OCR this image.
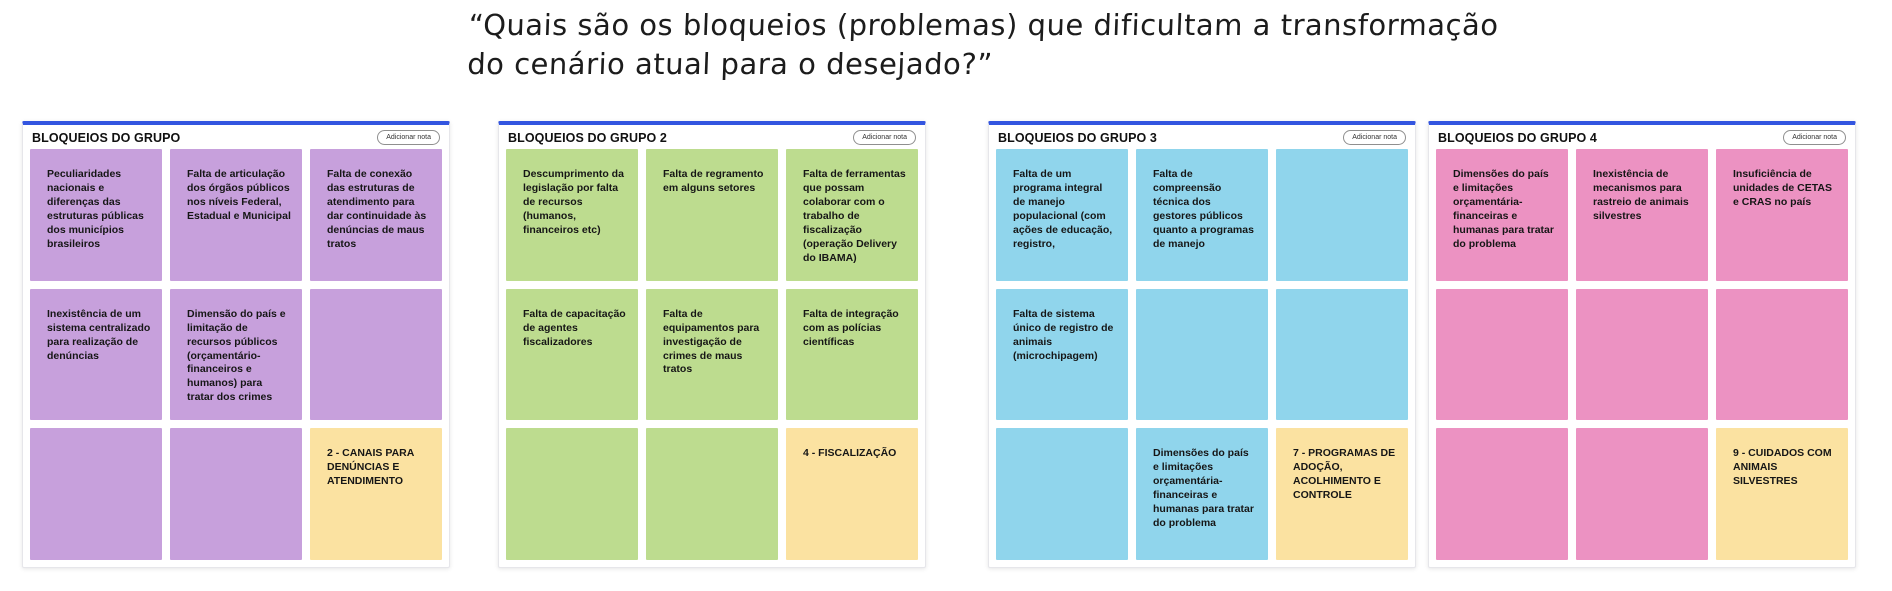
“Quais são os bloqueios (problemas) que dificultam a transformação
do cenário atual para o desejado?”
BLOQUEIOS DO GRUPO	Adicionar nota
Peculiaridades nacionais e diferenças das estruturas públicas dos municípios brasileiros
Falta de articulação dos órgãos públicos nos níveis Federal, Estadual e Municipal
Falta de conexão das estruturas de atendimento para dar continuidade às denúncias de maus tratos
Inexistência de um sistema centralizado para realização de denúncias
Dimensão do país e limitação de recursos públicos (orçamentário-financeiros e humanos) para tratar dos crimes
2 - CANAIS PARA DENÚNCIAS E ATENDIMENTO
BLOQUEIOS DO GRUPO 2	Adicionar nota
Descumprimento da legislação por falta de recursos (humanos, financeiros etc)
Falta de regramento em alguns setores
Falta de ferramentas que possam colaborar com o trabalho de fiscalização (operação Delivery do IBAMA)
Falta de capacitação de agentes fiscalizadores
Falta de equipamentos para investigação de crimes de maus tratos
Falta de integração com as polícias científicas
4 - FISCALIZAÇÃO
BLOQUEIOS DO GRUPO 3	Adicionar nota
Falta de um programa integral de manejo populacional (com ações de educação, registro,
Falta de compreensão técnica dos gestores públicos quanto a programas de manejo
Falta de sistema único de registro de animais (microchipagem)
Dimensões do país e limitações orçamentária-financeiras e humanas para tratar do problema
7 - PROGRAMAS DE ADOÇÃO, ACOLHIMENTO E CONTROLE
BLOQUEIOS DO GRUPO 4	Adicionar nota
Dimensões do país e limitações orçamentária-financeiras e humanas para tratar do problema
Inexistência de mecanismos para rastreio de animais silvestres
Insuficiência de unidades de CETAS e CRAS no país
9 - CUIDADOS COM ANIMAIS SILVESTRES
